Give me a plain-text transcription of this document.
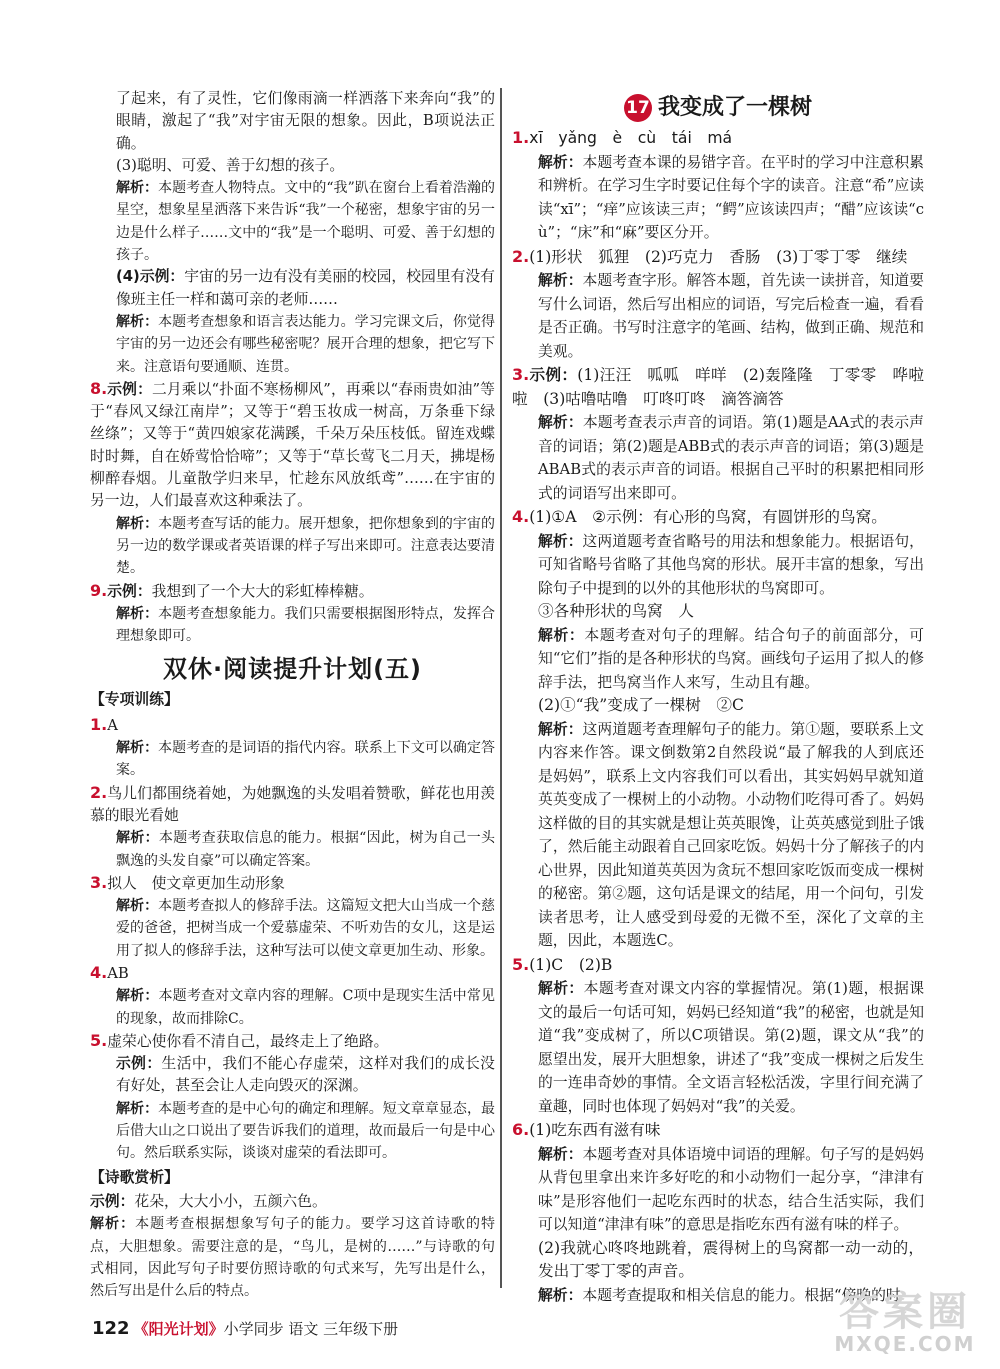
了起来，有了灵性，它们像雨滴一样洒落下来奔向“我”的眼睛，激起了“我”对宇宙无限的想象。因此，B项说法正确。

(3)聪明、可爱、善于幻想的孩子。

解析：本题考查人物特点。文中的“我”趴在窗台上看着浩瀚的星空，想象星星洒落下来告诉“我”一个秘密，想象宇宙的另一边是什么样子……文中的“我”是一个聪明、可爱、善于幻想的孩子。

(4)示例：宇宙的另一边有没有美丽的校园，校园里有没有像班主任一样和蔼可亲的老师……

解析：本题考查想象和语言表达能力。学习完课文后，你觉得宇宙的另一边还会有哪些秘密呢？展开合理的想象，把它写下来。注意语句要通顺、连贯。

8.示例：二月乘以“扑面不寒杨柳风”，再乘以“春雨贵如油”等于“春风又绿江南岸”；又等于“碧玉妆成一树高，万条垂下绿丝绦”；又等于“黄四娘家花满蹊，千朵万朵压枝低。留连戏蝶时时舞，自在娇莺恰恰啼”；又等于“草长莺飞二月天，拂堤杨柳醉春烟。儿童散学归来早，忙趁东风放纸鸢”……在宇宙的另一边，人们最喜欢这种乘法了。

解析：本题考查写话的能力。展开想象，把你想象到的宇宙的另一边的数学课或者英语课的样子写出来即可。注意表达要清楚。

9.示例：我想到了一个大大的彩虹棒棒糖。

解析：本题考查想象能力。我们只需要根据图形特点，发挥合理想象即可。

双休·阅读提升计划(五)
【专项训练】

1.A

解析：本题考查的是词语的指代内容。联系上下文可以确定答案。

2.鸟儿们都围绕着她，为她飘逸的头发唱着赞歌，鲜花也用羡慕的眼光看她

解析：本题考查获取信息的能力。根据“因此，树为自己一头飘逸的头发自豪”可以确定答案。

3.拟人　使文章更加生动形象

解析：本题考查拟人的修辞手法。这篇短文把大山当成一个慈爱的爸爸，把树当成一个爱慕虚荣、不听劝告的女儿，这是运用了拟人的修辞手法，这种写法可以使文章更加生动、形象。

4.AB

解析：本题考查对文章内容的理解。C项中是现实生活中常见的现象，故而排除C。

5.虚荣心使你看不清自己，最终走上了绝路。

示例：生活中，我们不能心存虚荣，这样对我们的成长没有好处，甚至会让人走向毁灭的深渊。

解析：本题考查的是中心句的确定和理解。短文章章显态，最后借大山之口说出了要告诉我们的道理，故而最后一句是中心句。然后联系实际，谈谈对虚荣的看法即可。

【诗歌赏析】

示例：花朵，大大小小，五颜六色。

解析：本题考查根据想象写句子的能力。要学习这首诗歌的特点，大胆想象。需要注意的是，“鸟儿，是树的……”与诗歌的句式相同，因此写句子时要仿照诗歌的句式来写，先写出是什么，然后写出是什么后的特点。

17 我变成了一棵树

1.xī　yǎng　è　cù　tái　má

解析：本题考查本课的易错字音。在平时的学习中注意积累和辨析。在学习生字时要记住每个字的读音。注意“希”应读读“xī”；“痒”应该读三声；“鳄”应该读四声；“醋”应该读“cù”；“床”和“麻”要区分开。

2.(1)形状　狐狸　(2)巧克力　香肠　(3)丁零丁零　继续

解析：本题考查字形。解答本题，首先读一读拼音，知道要写什么词语，然后写出相应的词语，写完后检查一遍，看看是否正确。书写时注意字的笔画、结构，做到正确、规范和美观。

3.示例：(1)汪汪　呱呱　咩咩　(2)轰隆隆　丁零零　哗啦啦　(3)咕噜咕噜　叮咚叮咚　滴答滴答

解析：本题考查表示声音的词语。第(1)题是AA式的表示声音的词语；第(2)题是ABB式的表示声音的词语；第(3)题是ABAB式的表示声音的词语。根据自己平时的积累把相同形式的词语写出来即可。

4.(1)①A　②示例：有心形的鸟窝，有圆饼形的鸟窝。

解析：这两道题考查省略号的用法和想象能力。根据语句，可知省略号省略了其他鸟窝的形状。展开丰富的想象，写出除句子中提到的以外的其他形状的鸟窝即可。

③各种形状的鸟窝　人

解析：本题考查对句子的理解。结合句子的前面部分，可知“它们”指的是各种形状的鸟窝。画线句子运用了拟人的修辞手法，把鸟窝当作人来写，生动且有趣。

(2)①“我”变成了一棵树　②C

解析：这两道题考查理解句子的能力。第①题，要联系上文内容来作答。课文倒数第2自然段说“最了解我的人到底还是妈妈”，联系上文内容我们可以看出，其实妈妈早就知道英英变成了一棵树上的小动物。小动物们吃得可香了。妈妈这样做的目的其实就是想让英英眼馋，让英英感觉到肚子饿了，然后能主动跟着自己回家吃饭。妈妈十分了解孩子的内心世界，因此知道英英因为贪玩不想回家吃饭而变成一棵树的秘密。第②题，这句话是课文的结尾，用一个问句，引发读者思考，让人感受到母爱的无微不至，深化了文章的主题，因此，本题选C。

5.(1)C　(2)B

解析：本题考查对课文内容的掌握情况。第(1)题，根据课文的最后一句话可知，妈妈已经知道“我”的秘密，也就是知道“我”变成树了，所以C项错误。第(2)题，课文从“我”的愿望出发，展开大胆想象，讲述了“我”变成一棵树之后发生的一连串奇妙的事情。全文语言轻松活泼，字里行间充满了童趣，同时也体现了妈妈对“我”的关爱。

6.(1)吃东西有滋有味

解析：本题考查对具体语境中词语的理解。句子写的是妈妈从背包里拿出来许多好吃的和小动物们一起分享，“津津有味”是形容他们一起吃东西时的状态，结合生活实际，我们可以知道“津津有味”的意思是指吃东西有滋有味的样子。

(2)我就心咚咚地跳着，震得树上的鸟窝都一动一动的，发出丁零丁零的声音。

解析：本题考查提取和相关信息的能力。根据“傍晚的时

122 《阳光计划》小学同步 语文 三年级下册	答案圈
MXQE.COM
